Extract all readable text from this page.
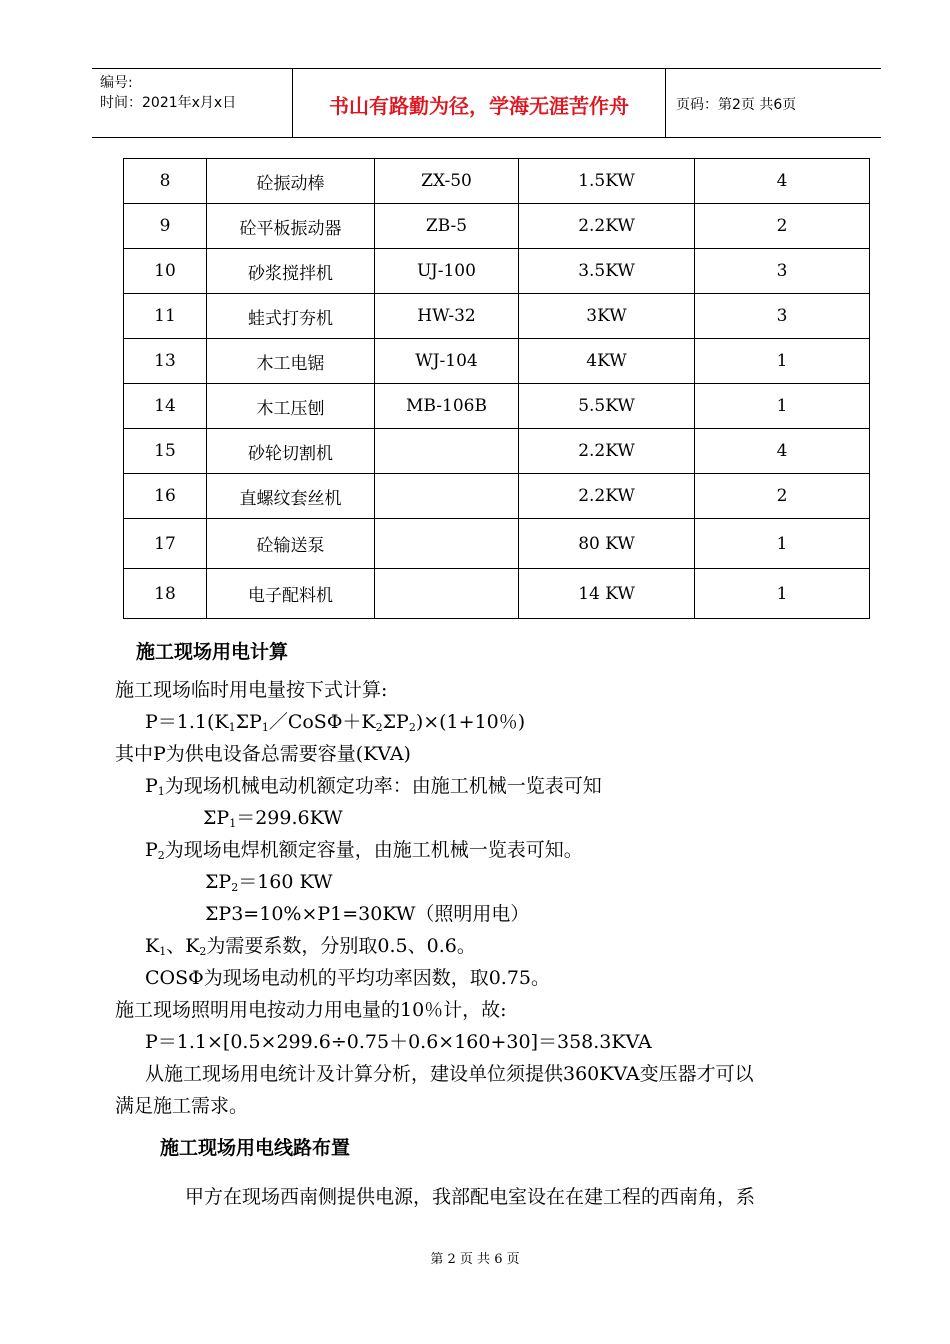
编号:
时间：2021年x月x日	书山有路勤为径，学海无涯苦作舟	页码：第2页 共6页
8	砼振动棒	ZX-50	1.5KW	4
9	砼平板振动器	ZB-5	2.2KW	2
10	砂浆搅拌机	UJ-100	3.5KW	3
11	蛙式打夯机	HW-32	3KW	3
13	木工电锯	WJ-104	4KW	1
14	木工压刨	MB-106B	5.5KW	1
15	砂轮切割机		2.2KW	4
16	直螺纹套丝机		2.2KW	2
17	砼输送泵		80 KW	1
18	电子配料机		14 KW	1
施工现场用电计算
施工现场临时用电量按下式计算:
$P=1.1(K_1\Sigma P_1/CoS\Phi+K_2\Sigma P_2)\times(1+10$％)
其中P为供电设备总需要容量(KVA)
$P_1$为现场机械电动机额定功率：由施工机械一览表可知
$\Sigma P_1=299.6KW$
$P_2$为现场电焊机额定容量，由施工机械一览表可知。
$\Sigma P_2=160$ KW
ΣP3=10%×P1=30KW（照明用电）
$K_1$、$K_2$为需要系数，分别取0.5、0.6。
COSΦ为现场电动机的平均功率因数，取0.75。
施工现场照明用电按动力用电量的10％计，故:
P＝1.1×[0.5×299.6÷0.75＋0.6×160+30]＝358.3KVA
从施工现场用电统计及计算分析，建设单位须提供360KVA变压器才可以
满足施工需求。
施工现场用电线路布置
甲方在现场西南侧提供电源，我部配电室设在在建工程的西南角，系
第 2 页 共 6 页
